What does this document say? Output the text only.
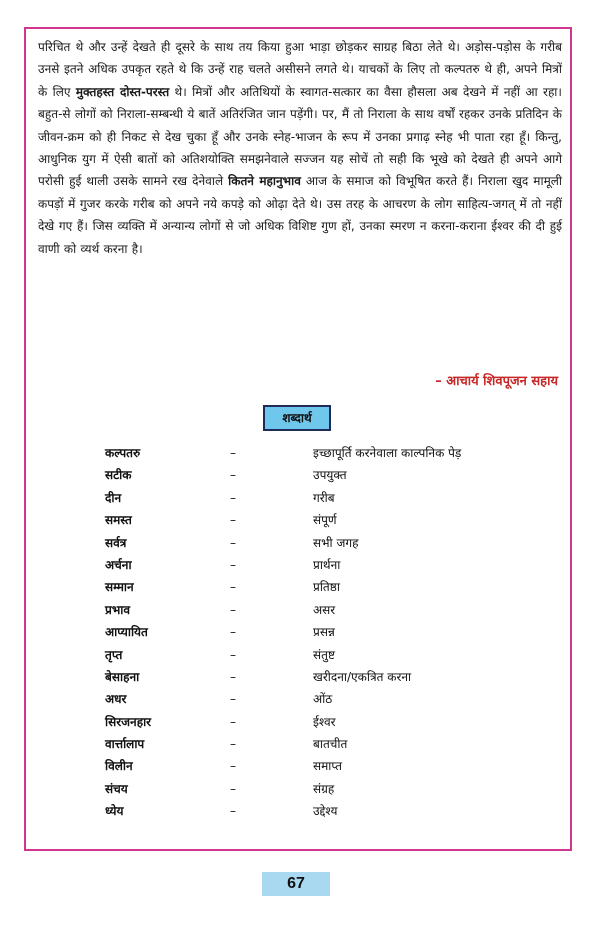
परिचित थे और उन्हें देखते ही दूसरे के साथ तय किया हुआ भाड़ा छोड़कर साग्रह बिठा लेते थे। अड़ोस-पड़ोस के गरीब उनसे इतने अधिक उपकृत रहते थे कि उन्हें राह चलते असीसने लगते थे। याचकों के लिए तो कल्पतरु थे ही, अपने मित्रों के लिए मुक्तहस्त दोस्त-परस्त थे। मित्रों और अतिथियों के स्वागत-सत्कार का वैसा हौसला अब देखने में नहीं आ रहा। बहुत-से लोगों को निराला-सम्बन्धी ये बातें अतिरंजित जान पड़ेंगी। पर, मैं तो निराला के साथ वर्षों रहकर उनके प्रतिदिन के जीवन-क्रम को ही निकट से देख चुका हूँ और उनके स्नेह-भाजन के रूप में उनका प्रगाढ़ स्नेह भी पाता रहा हूँ। किन्तु, आधुनिक युग में ऐसी बातों को अतिशयोक्ति समझनेवाले सज्जन यह सोचें तो सही कि भूखे को देखते ही अपने आगे परोसी हुई थाली उसके सामने रख देनेवाले कितने महानुभाव आज के समाज को विभूषित करते हैं। निराला खुद मामूली कपड़ों में गुजर करके गरीब को अपने नये कपड़े को ओढ़ा देते थे। उस तरह के आचरण के लोग साहित्य-जगत् में तो नहीं देखे गए हैं। जिस व्यक्ति में अन्यान्य लोगों से जो अधिक विशिष्ट गुण हों, उनका स्मरण न करना-कराना ईश्वर की दी हुई वाणी को व्यर्थ करना है।

– आचार्य शिवपूजन सहाय
शब्दार्थ
कल्पतरु	–	इच्छापूर्ति करनेवाला काल्पनिक पेड़
सटीक	–	उपयुक्त
दीन	–	गरीब
समस्त	–	संपूर्ण
सर्वत्र	–	सभी जगह
अर्चना	–	प्रार्थना
सम्मान	–	प्रतिष्ठा
प्रभाव	–	असर
आप्यायित	–	प्रसन्न
तृप्त	–	संतुष्ट
बेसाहना	–	खरीदना/एकत्रित करना
अधर	–	ओंठ
सिरजनहार	–	ईश्वर
वार्त्तालाप	–	बातचीत
विलीन	–	समाप्त
संचय	–	संग्रह
ध्येय	–	उद्देश्य
67
